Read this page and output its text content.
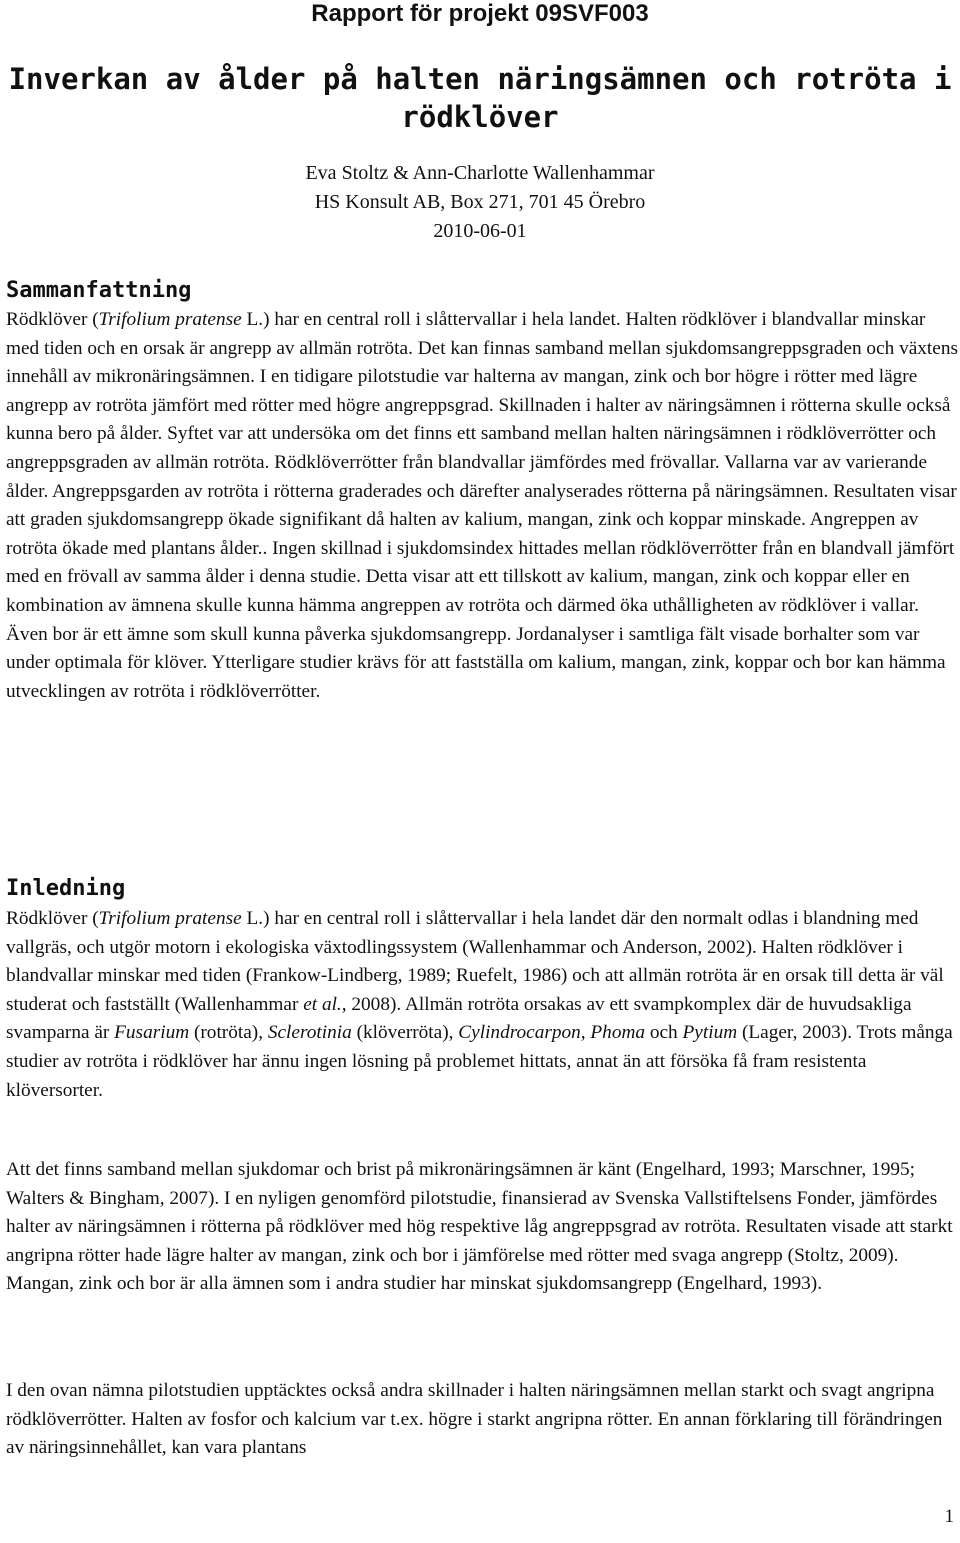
Rapport för projekt 09SVF003
Inverkan av ålder på halten näringsämnen och rotröta i
rödklöver
Eva Stoltz & Ann-Charlotte Wallenhammar
HS Konsult AB, Box 271, 701 45 Örebro
2010-06-01
Sammanfattning

Rödklöver (Trifolium pratense L.) har en central roll i slåttervallar i hela landet. Halten rödklöver i blandvallar minskar med tiden och en orsak är angrepp av allmän rotröta. Det kan finnas samband mellan sjukdomsangreppsgraden och växtens innehåll av mikronäringsämnen. I en tidigare pilotstudie var halterna av mangan, zink och bor högre i rötter med lägre angrepp av rotröta jämfört med rötter med högre angreppsgrad. Skillnaden i halter av näringsämnen i rötterna skulle också kunna bero på ålder. Syftet var att undersöka om det finns ett samband mellan halten näringsämnen i rödklöverrötter och angreppsgraden av allmän rotröta. Rödklöverrötter från blandvallar jämfördes med frövallar. Vallarna var av varierande ålder. Angreppsgarden av rotröta i rötterna graderades och därefter analyserades rötterna på näringsämnen. Resultaten visar att graden sjukdomsangrepp ökade signifikant då halten av kalium, mangan, zink och koppar minskade. Angreppen av rotröta ökade med plantans ålder.. Ingen skillnad i sjukdomsindex hittades mellan rödklöverrötter från en blandvall jämfört med en frövall av samma ålder i denna studie. Detta visar att ett tillskott av kalium, mangan, zink och koppar eller en kombination av ämnena skulle kunna hämma angreppen av rotröta och därmed öka uthålligheten av rödklöver i vallar. Även bor är ett ämne som skull kunna påverka sjukdomsangrepp. Jordanalyser i samtliga fält visade borhalter som var under optimala för klöver. Ytterligare studier krävs för att fastställa om kalium, mangan, zink, koppar och bor kan hämma utvecklingen av rotröta i rödklöverrötter.

Inledning

Rödklöver (Trifolium pratense L.) har en central roll i slåttervallar i hela landet där den normalt odlas i blandning med vallgräs, och utgör motorn i ekologiska växtodlingssystem (Wallenhammar och Anderson, 2002). Halten rödklöver i blandvallar minskar med tiden (Frankow-Lindberg, 1989; Ruefelt, 1986) och att allmän rotröta är en orsak till detta är väl studerat och fastställt (Wallenhammar et al., 2008). Allmän rotröta orsakas av ett svampkomplex där de huvudsakliga svamparna är Fusarium (rotröta), Sclerotinia (klöverröta), Cylindrocarpon, Phoma och Pytium (Lager, 2003). Trots många studier av rotröta i rödklöver har ännu ingen lösning på problemet hittats, annat än att försöka få fram resistenta klöversorter.

Att det finns samband mellan sjukdomar och brist på mikronäringsämnen är känt (Engelhard, 1993; Marschner, 1995; Walters & Bingham, 2007). I en nyligen genomförd pilotstudie, finansierad av Svenska Vallstiftelsens Fonder, jämfördes halter av näringsämnen i rötterna på rödklöver med hög respektive låg angreppsgrad av rotröta. Resultaten visade att starkt angripna rötter hade lägre halter av mangan, zink och bor i jämförelse med rötter med svaga angrepp (Stoltz, 2009). Mangan, zink och bor är alla ämnen som i andra studier har minskat sjukdomsangrepp (Engelhard, 1993).

I den ovan nämna pilotstudien upptäcktes också andra skillnader i halten näringsämnen mellan starkt och svagt angripna rödklöverrötter. Halten av fosfor och kalcium var t.ex. högre i starkt angripna rötter. En annan förklaring till förändringen av näringsinnehållet, kan vara plantans

1
